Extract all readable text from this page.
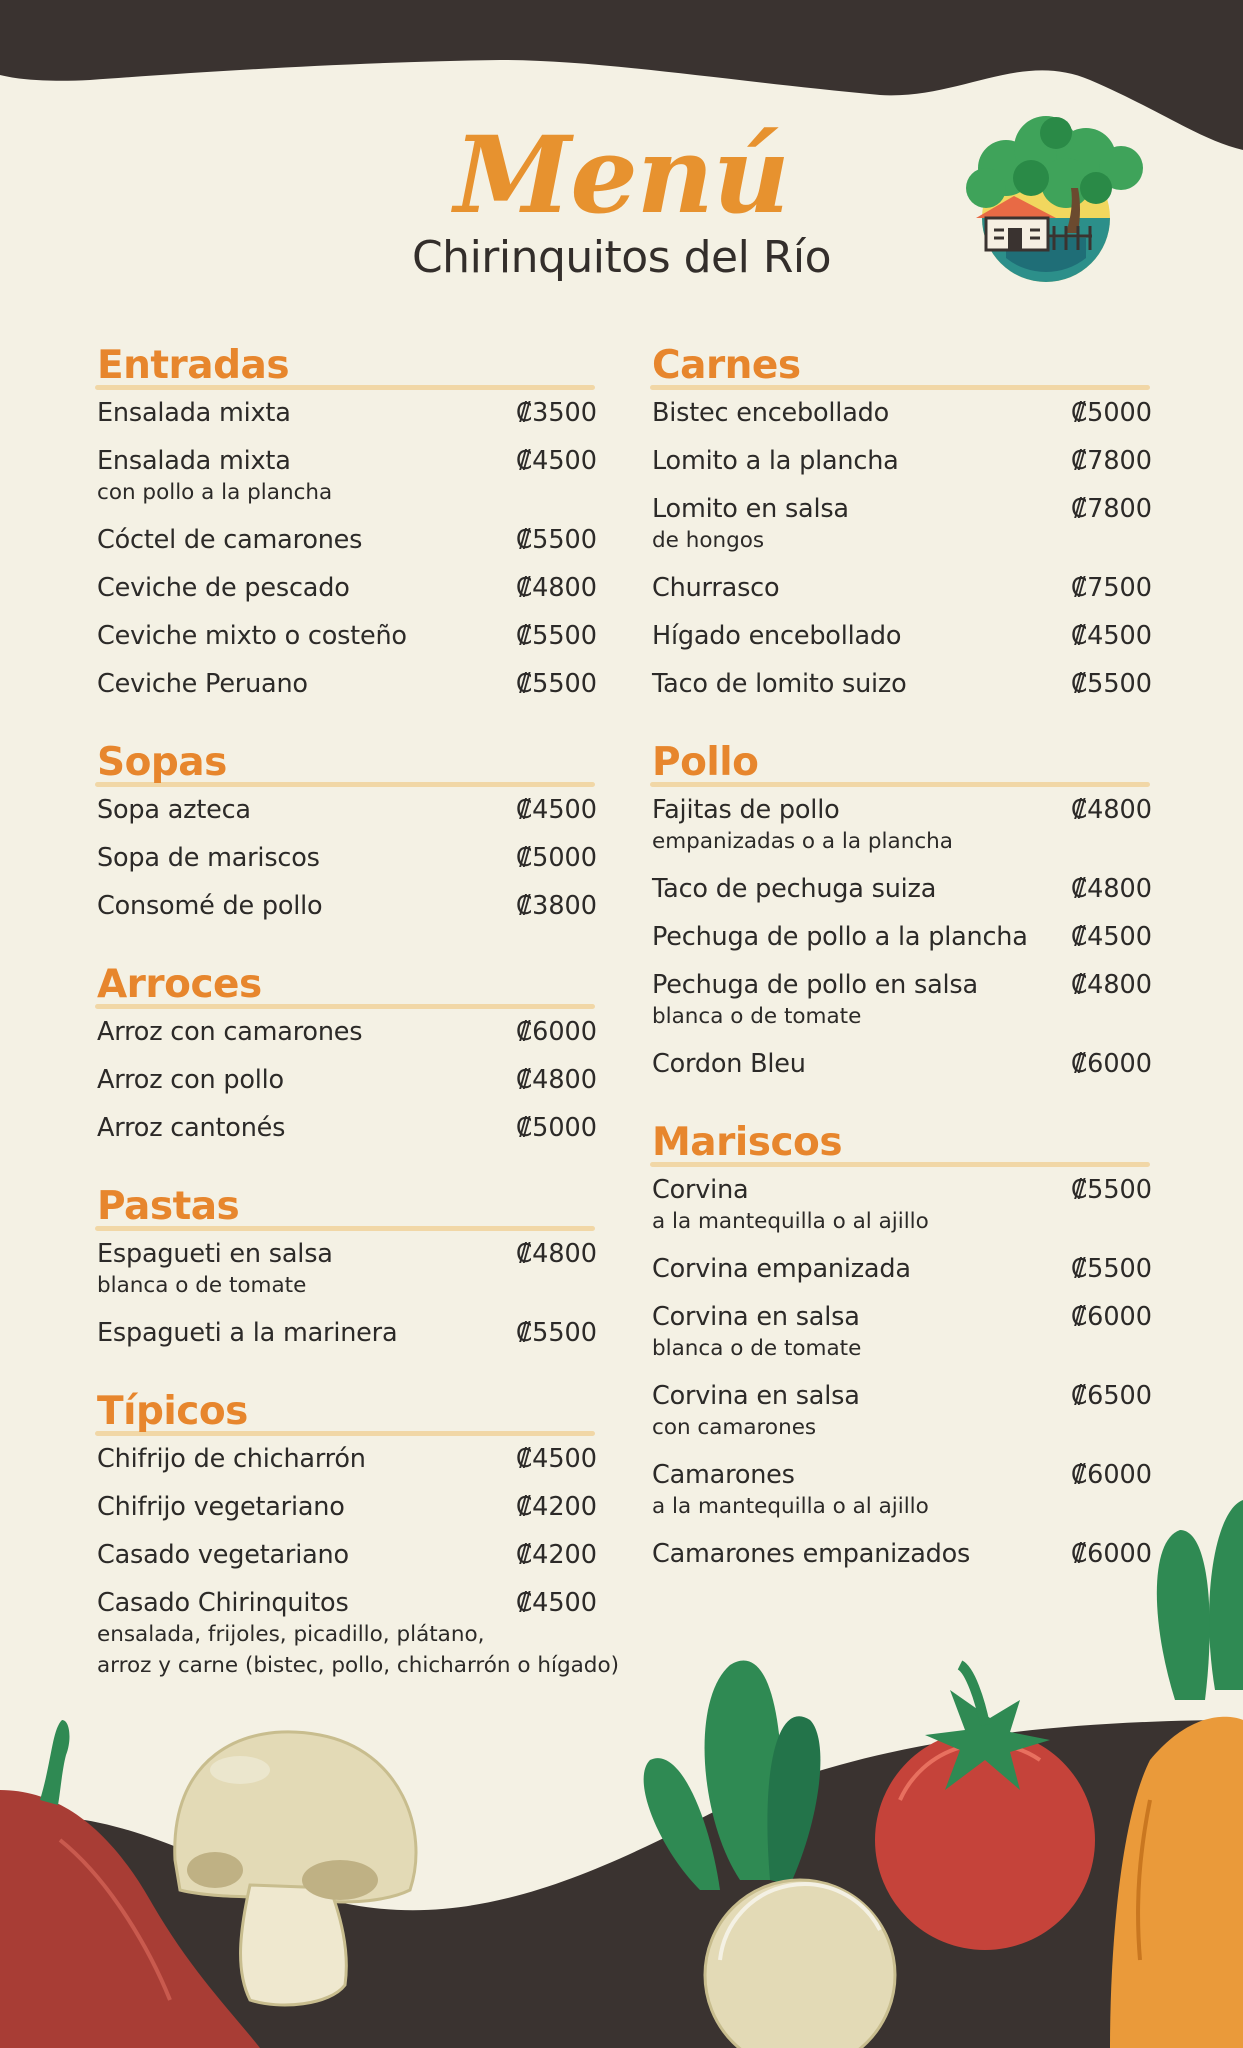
Menú
Chirinquitos del Río
Entradas
Ensalada mixta	₡3500
Ensalada mixta	₡4500
con pollo a la plancha
Cóctel de camarones	₡5500
Ceviche de pescado	₡4800
Ceviche mixto o costeño	₡5500
Ceviche Peruano	₡5500
Sopas
Sopa azteca	₡4500
Sopa de mariscos	₡5000
Consomé de pollo	₡3800
Arroces
Arroz con camarones	₡6000
Arroz con pollo	₡4800
Arroz cantonés	₡5000
Pastas
Espagueti en salsa	₡4800
blanca o de tomate
Espagueti a la marinera	₡5500
Típicos
Chifrijo de chicharrón	₡4500
Chifrijo vegetariano	₡4200
Casado vegetariano	₡4200
Casado Chirinquitos	₡4500
ensalada, frijoles, picadillo, plátano,
arroz y carne (bistec, pollo, chicharrón o hígado)
Carnes
Bistec encebollado	₡5000
Lomito a la plancha	₡7800
Lomito en salsa	₡7800
de hongos
Churrasco	₡7500
Hígado encebollado	₡4500
Taco de lomito suizo	₡5500
Pollo
Fajitas de pollo	₡4800
empanizadas o a la plancha
Taco de pechuga suiza	₡4800
Pechuga de pollo a la plancha	₡4500
Pechuga de pollo en salsa	₡4800
blanca o de tomate
Cordon Bleu	₡6000
Mariscos
Corvina	₡5500
a la mantequilla o al ajillo
Corvina empanizada	₡5500
Corvina en salsa	₡6000
blanca o de tomate
Corvina en salsa	₡6500
con camarones
Camarones	₡6000
a la mantequilla o al ajillo
Camarones empanizados	₡6000
